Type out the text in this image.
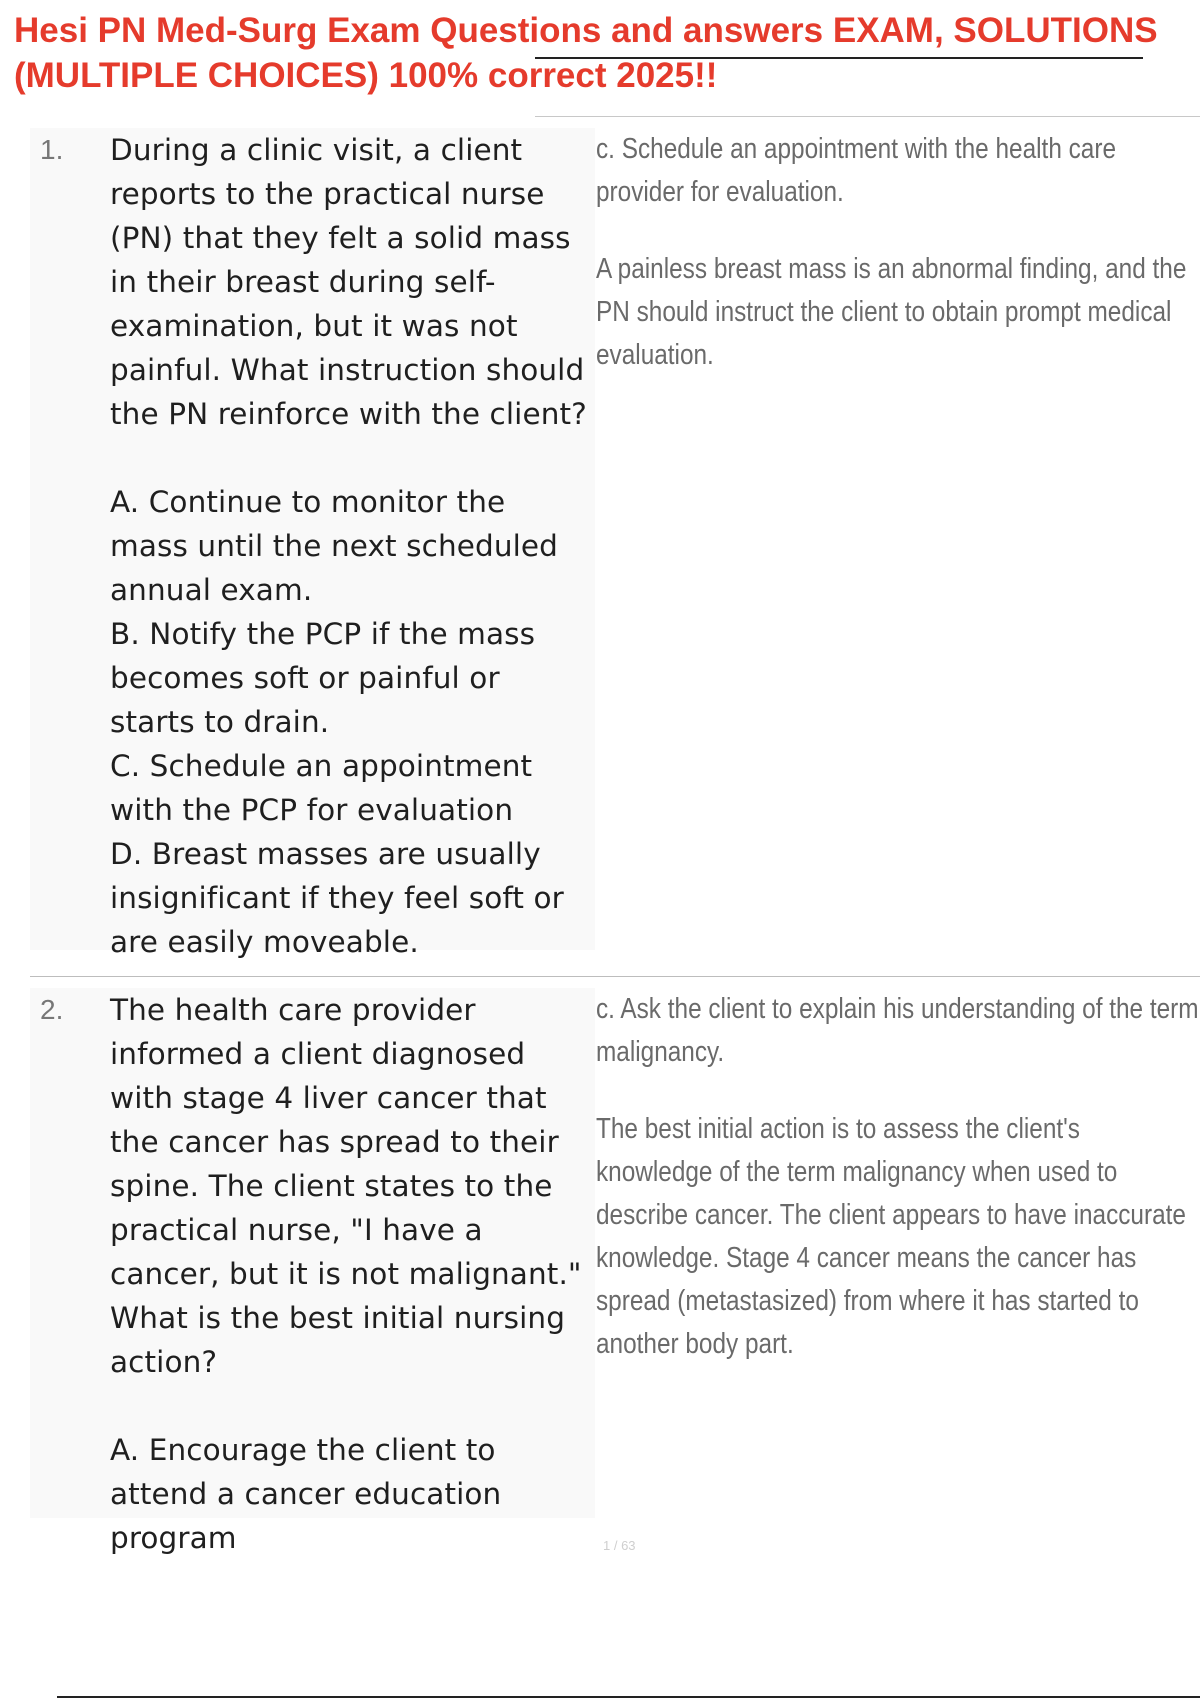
Hesi PN Med-Surg Exam Questions and answers EXAM, SOLUTIONS (MULTIPLE CHOICES) 100% correct 2025!!
1. During a clinic visit, a client reports to the practical nurse (PN) that they felt a solid mass in their breast during self-examination, but it was not painful. What instruction should the PN reinforce with the client?
A. Continue to monitor the mass until the next scheduled annual exam.
B. Notify the PCP if the mass becomes soft or painful or starts to drain.
C. Schedule an appointment with the PCP for evaluation
D. Breast masses are usually insignificant if they feel soft or are easily moveable.
c. Schedule an appointment with the health care provider for evaluation.
A painless breast mass is an abnormal finding, and the PN should instruct the client to obtain prompt medical evaluation.
2. The health care provider informed a client diagnosed with stage 4 liver cancer that the cancer has spread to their spine. The client states to the practical nurse, "I have a cancer, but it is not malignant." What is the best initial nursing action?
A. Encourage the client to attend a cancer education program
c. Ask the client to explain his understanding of the term malignancy.
The best initial action is to assess the client's knowledge of the term malignancy when used to describe cancer. The client appears to have inaccurate knowledge. Stage 4 cancer means the cancer has spread (metastasized) from where it has started to another body part.
1 / 63
